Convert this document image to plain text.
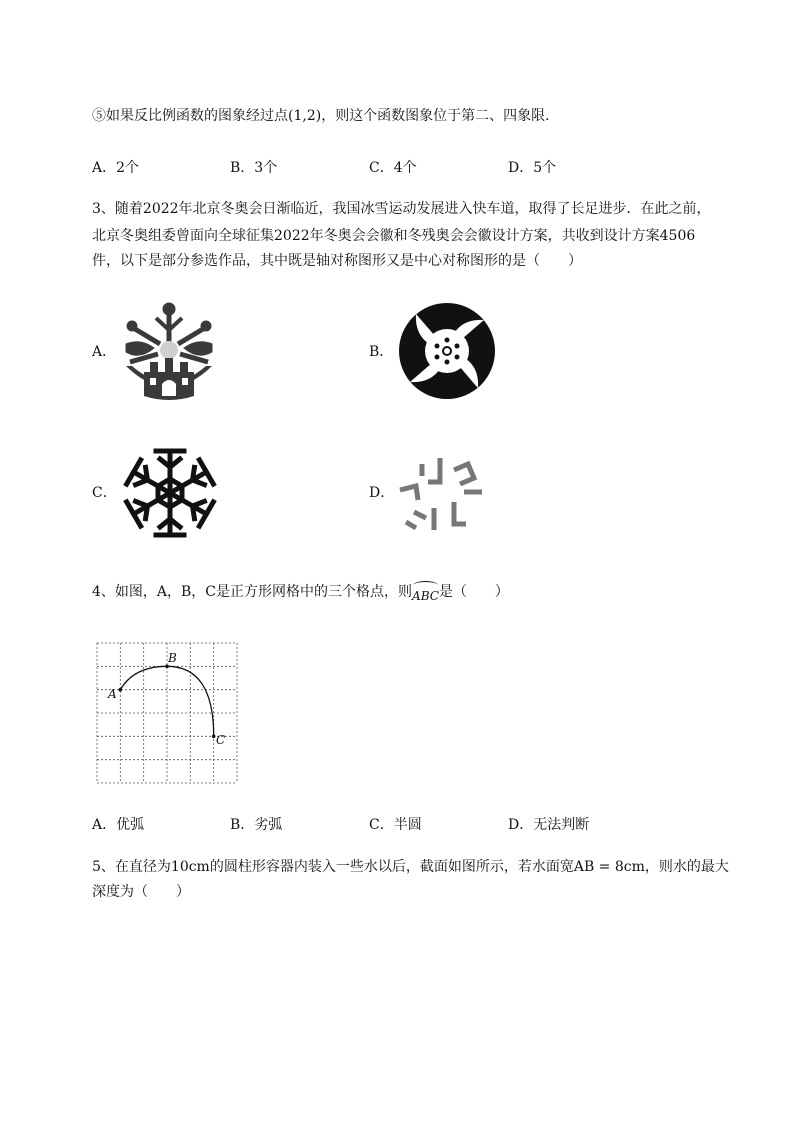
⑤如果反比例函数的图象经过点(1,2)，则这个函数图象位于第二、四象限．
A．2个	B．3个	C．4个	D．5个
3、随着2022年北京冬奥会日渐临近，我国冰雪运动发展进入快车道，取得了长足进步．在此之前，
北京冬奥组委曾面向全球征集2022年冬奥会会徽和冬残奥会会徽设计方案，共收到设计方案4506
件，以下是部分参选作品，其中既是轴对称图形又是中心对称图形的是（　　）
A．	B．
C．	D．
4、如图，A，B，C是正方形网格中的三个格点，则
ABC是（　　）
A
B
C
A．优弧	B．劣弧	C．半圆	D．无法判断
5、在直径为10cm的圆柱形容器内装入一些水以后，截面如图所示，若水面宽AB = 8cm，则水的最大
深度为（　　）
